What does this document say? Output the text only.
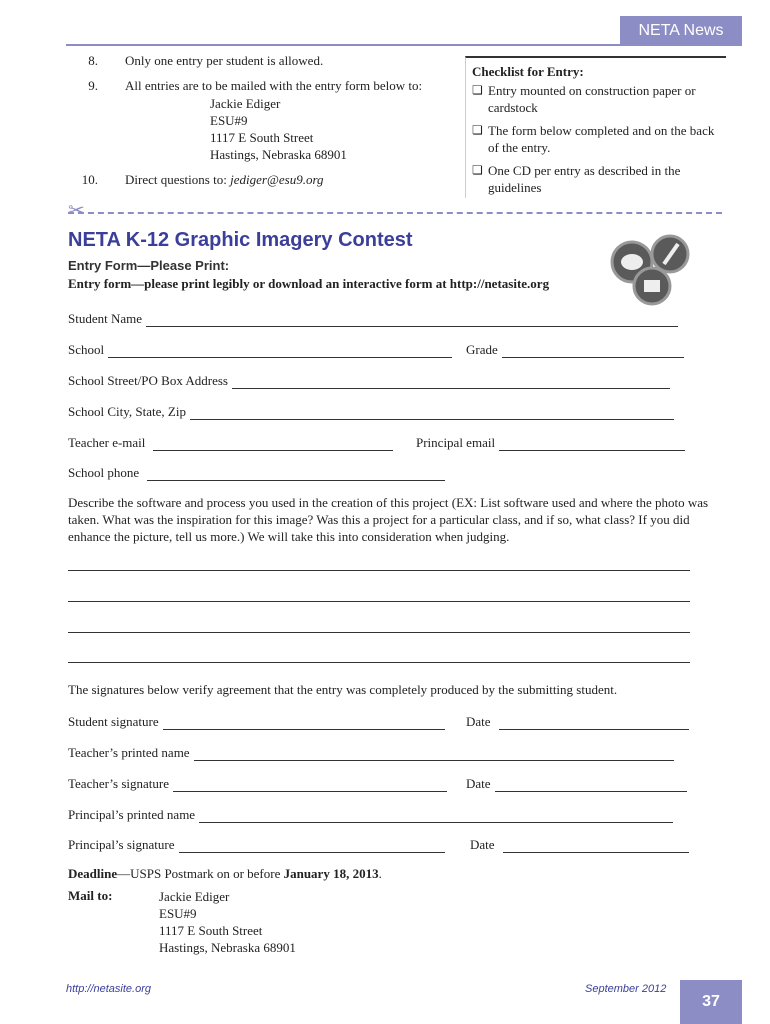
NETA News
8. Only one entry per student is allowed.
9. All entries are to be mailed with the entry form below to:
Jackie Ediger
ESU#9
1117 E South Street
Hastings, Nebraska 68901
10. Direct questions to: jediger@esu9.org
Checklist for Entry:
❏ Entry mounted on construction paper or cardstock
❏ The form below completed and on the back of the entry.
❏ One CD per entry as described in the guidelines
✂
NETA K-12 Graphic Imagery Contest
Entry Form—Please Print:
Entry form—please print legibly or download an interactive form at http://netasite.org
Student Name
School	Grade
School Street/PO Box Address
School City, State, Zip
Teacher e-mail	Principal email
School phone
Describe the software and process you used in the creation of this project (EX: List software used and where the photo was taken. What was the inspiration for this image? Was this a project for a particular class, and if so, what class? If you did enhance the picture, tell us more.) We will take this into consideration when judging.
The signatures below verify agreement that the entry was completely produced by the submitting student.
Student signature	Date
Teacher’s printed name
Teacher’s signature	Date
Principal’s printed name
Principal’s signature	Date
Deadline—USPS Postmark on or before January 18, 2013.
Mail to:	Jackie Ediger
ESU#9
1117 E South Street
Hastings, Nebraska 68901
http://netasite.org	September 2012
37
